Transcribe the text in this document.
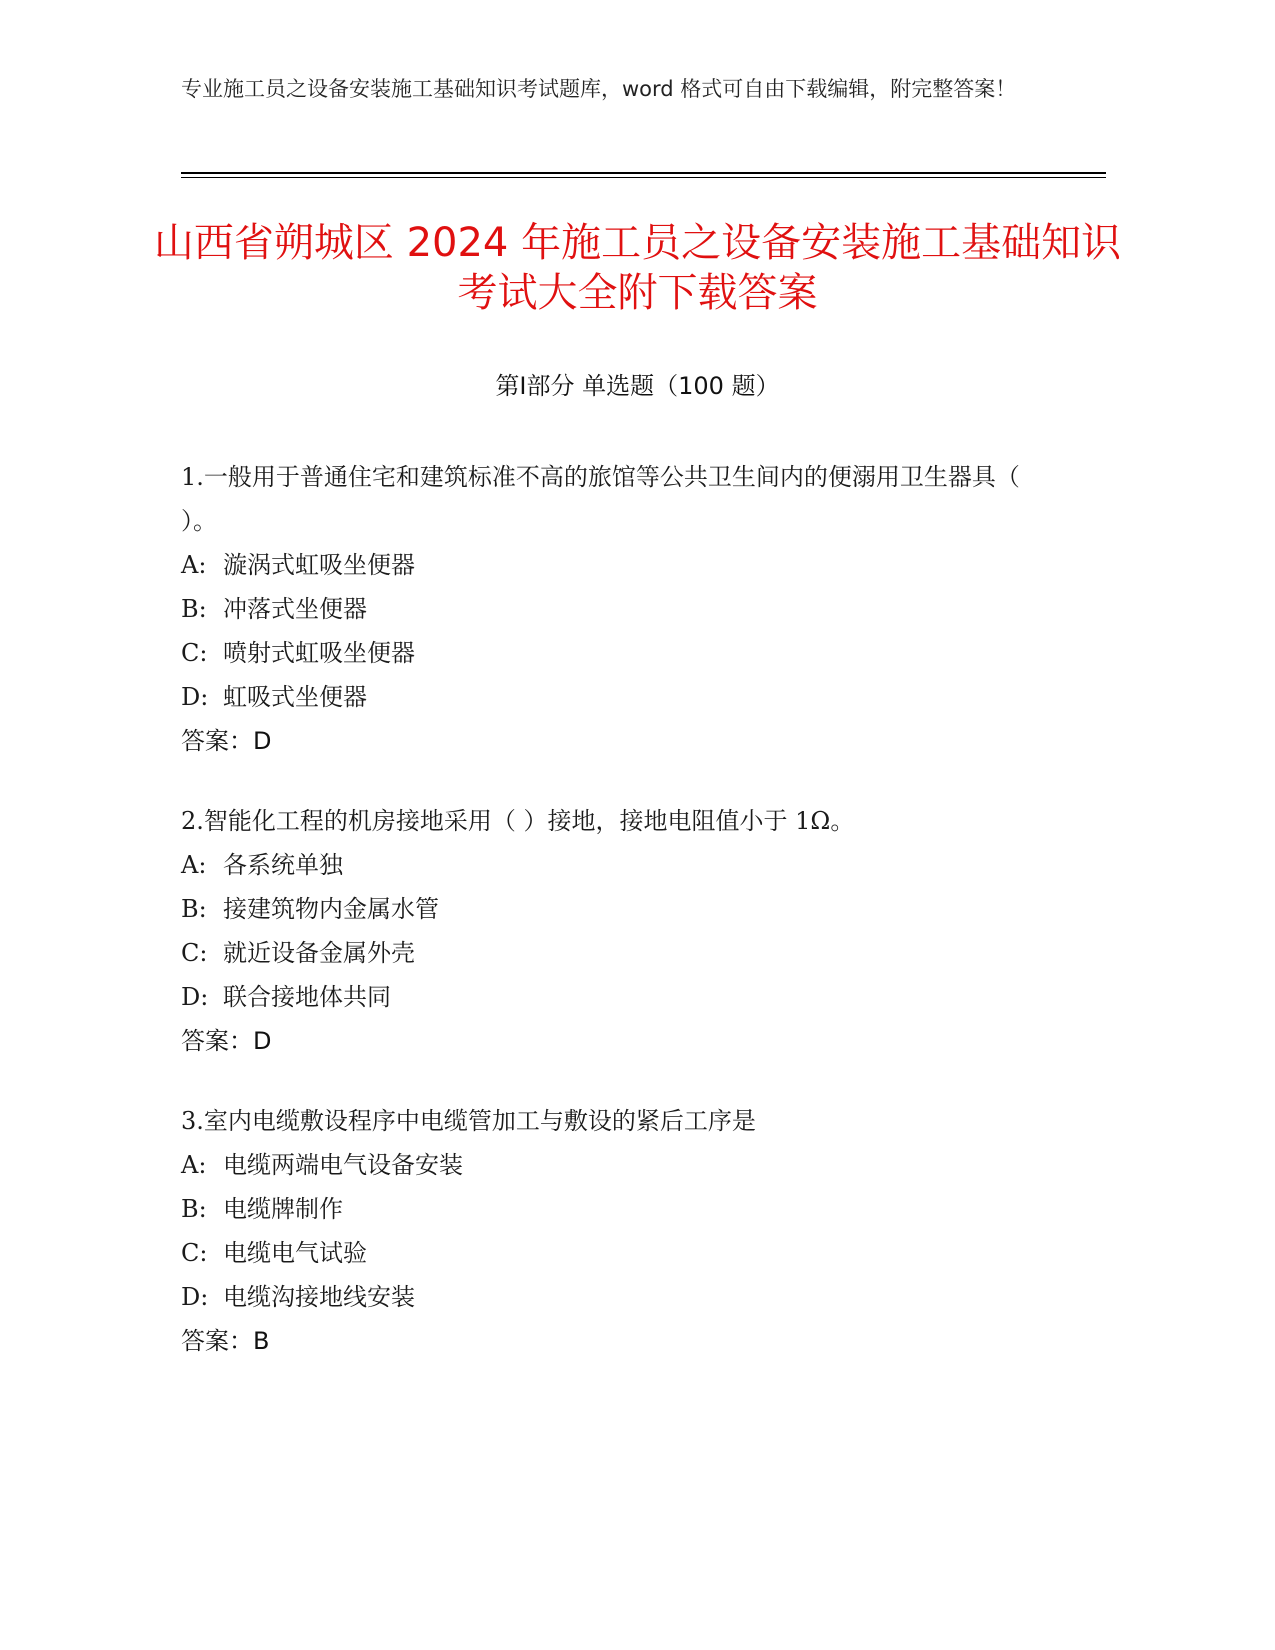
专业施工员之设备安装施工基础知识考试题库，word 格式可自由下载编辑，附完整答案！
山西省朔城区 2024 年施工员之设备安装施工基础知识考试大全附下载答案
第Ⅰ部分 单选题（100 题）

1.一般用于普通住宅和建筑标准不高的旅馆等公共卫生间内的便溺用卫生器具（ ）。

A: 漩涡式虹吸坐便器

B: 冲落式坐便器

C: 喷射式虹吸坐便器

D: 虹吸式坐便器

答案：D

2.智能化工程的机房接地采用（ ）接地，接地电阻值小于 1Ω。

A: 各系统单独

B: 接建筑物内金属水管

C: 就近设备金属外壳

D: 联合接地体共同

答案：D

3.室内电缆敷设程序中电缆管加工与敷设的紧后工序是

A: 电缆两端电气设备安装

B: 电缆牌制作

C: 电缆电气试验

D: 电缆沟接地线安装

答案：B
